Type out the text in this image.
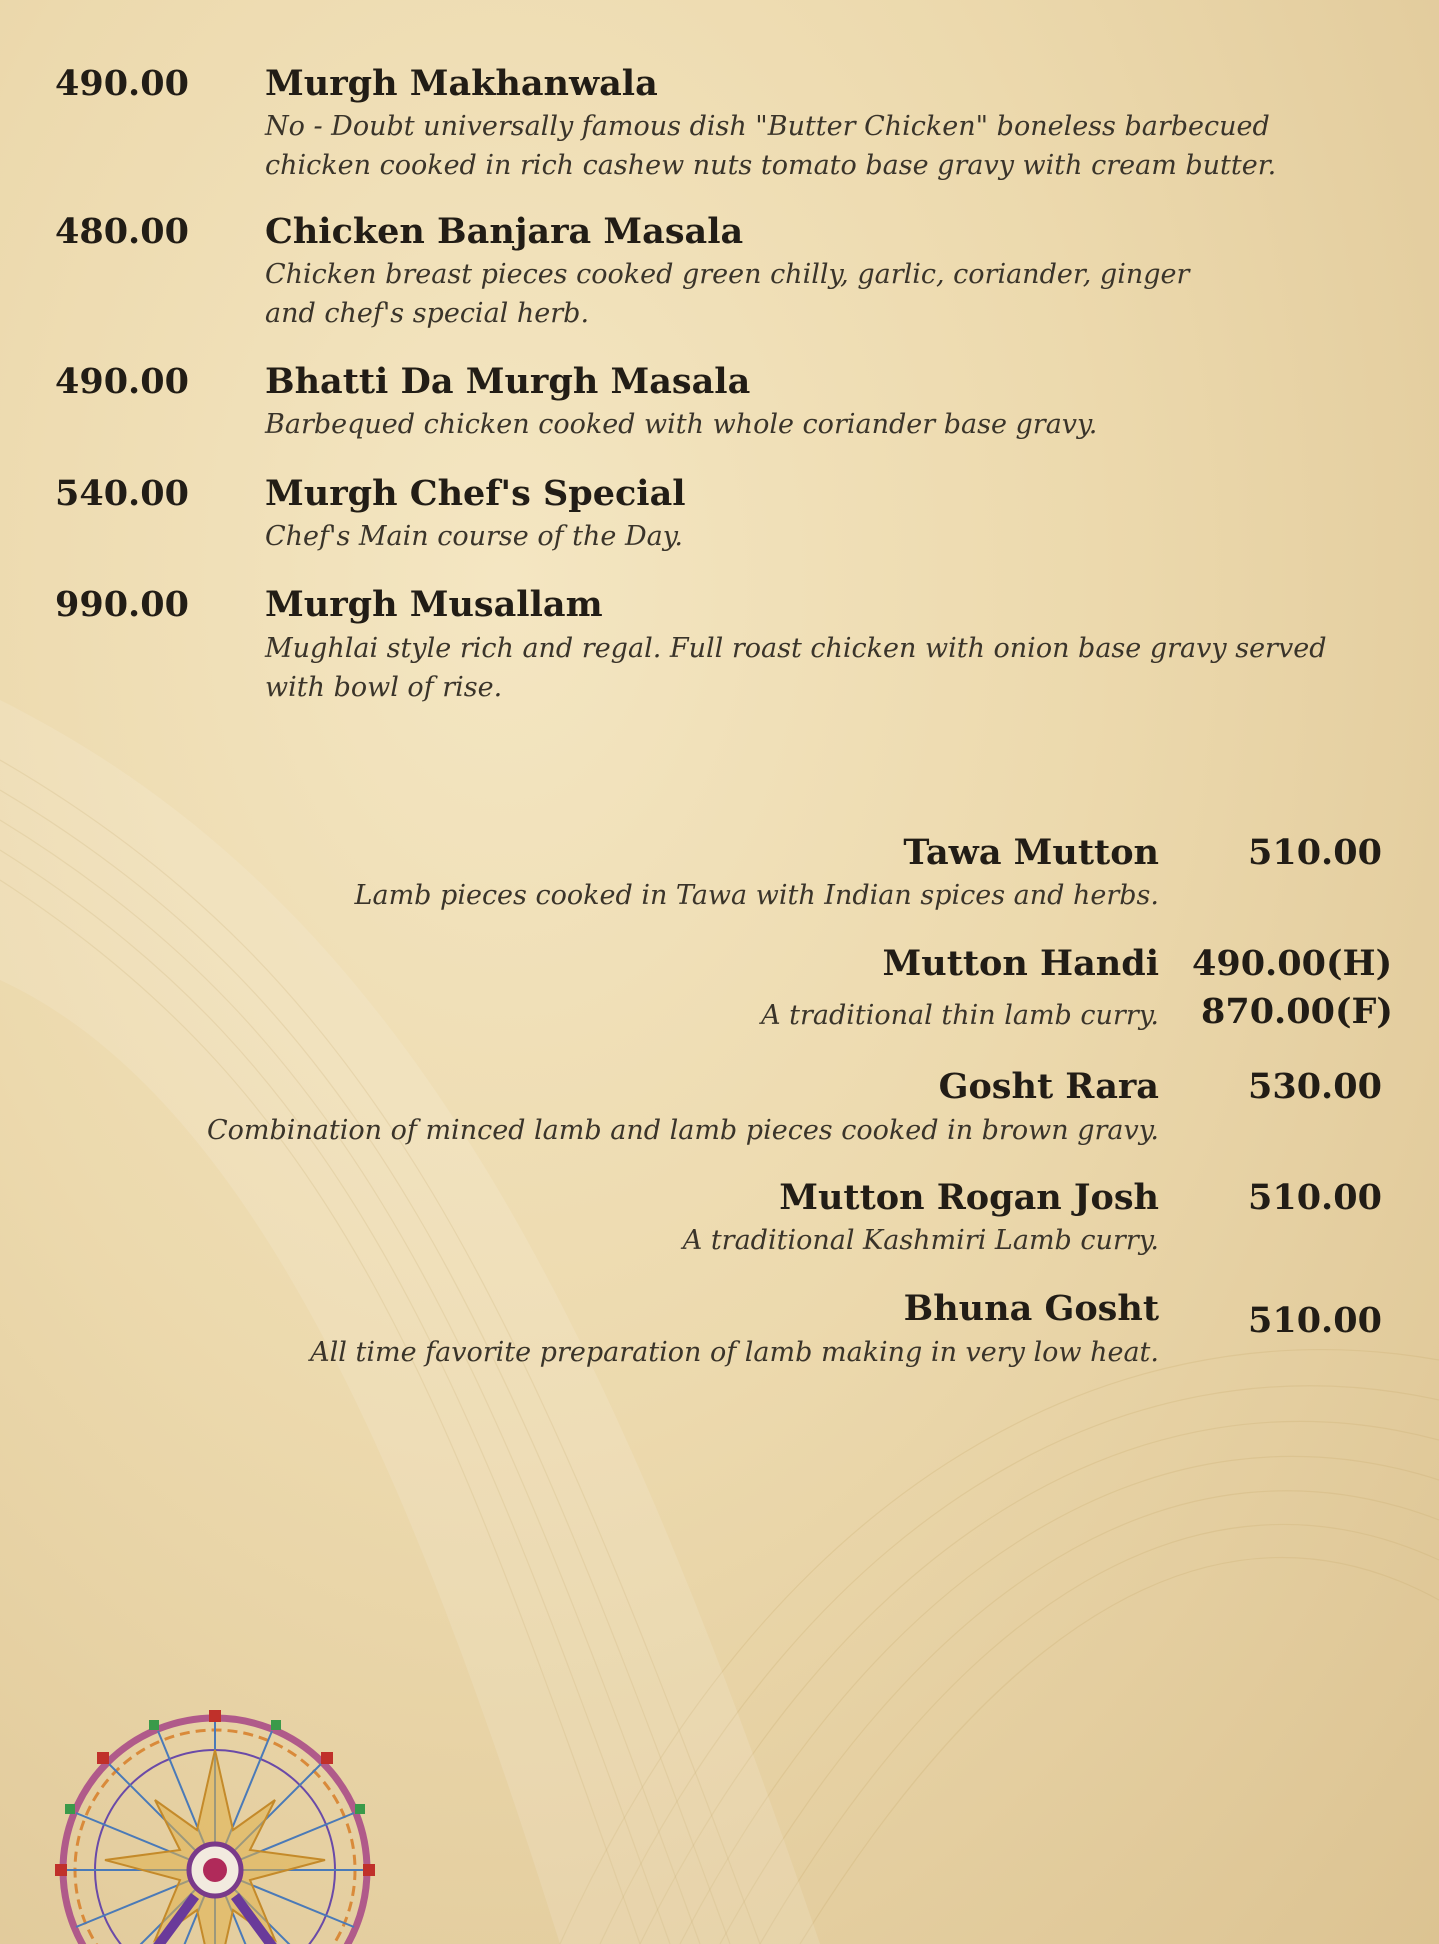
490.00 Murgh Makhanwala
No - Doubt universally famous dish "Butter Chicken" boneless barbecued
chicken cooked in rich cashew nuts tomato base gravy with cream butter.
480.00 Chicken Banjara Masala
Chicken breast pieces cooked green chilly, garlic, coriander, ginger
and chef's special herb.
490.00 Bhatti Da Murgh Masala
Barbequed chicken cooked with whole coriander base gravy.
540.00 Murgh Chef's Special
Chef's Main course of the Day.
990.00 Murgh Musallam
Mughlai style rich and regal. Full roast chicken with onion base gravy served
with bowl of rise.
Tawa Mutton	510.00
Lamb pieces cooked in Tawa with Indian spices and herbs.
Mutton Handi 490.00(H)
A traditional thin lamb curry. 870.00(F)
Gosht Rara	530.00
Combination of minced lamb and lamb pieces cooked in brown gravy.
Mutton Rogan Josh	510.00
A traditional Kashmiri Lamb curry.
Bhuna Gosht	510.00
All time favorite preparation of lamb making in very low heat.
